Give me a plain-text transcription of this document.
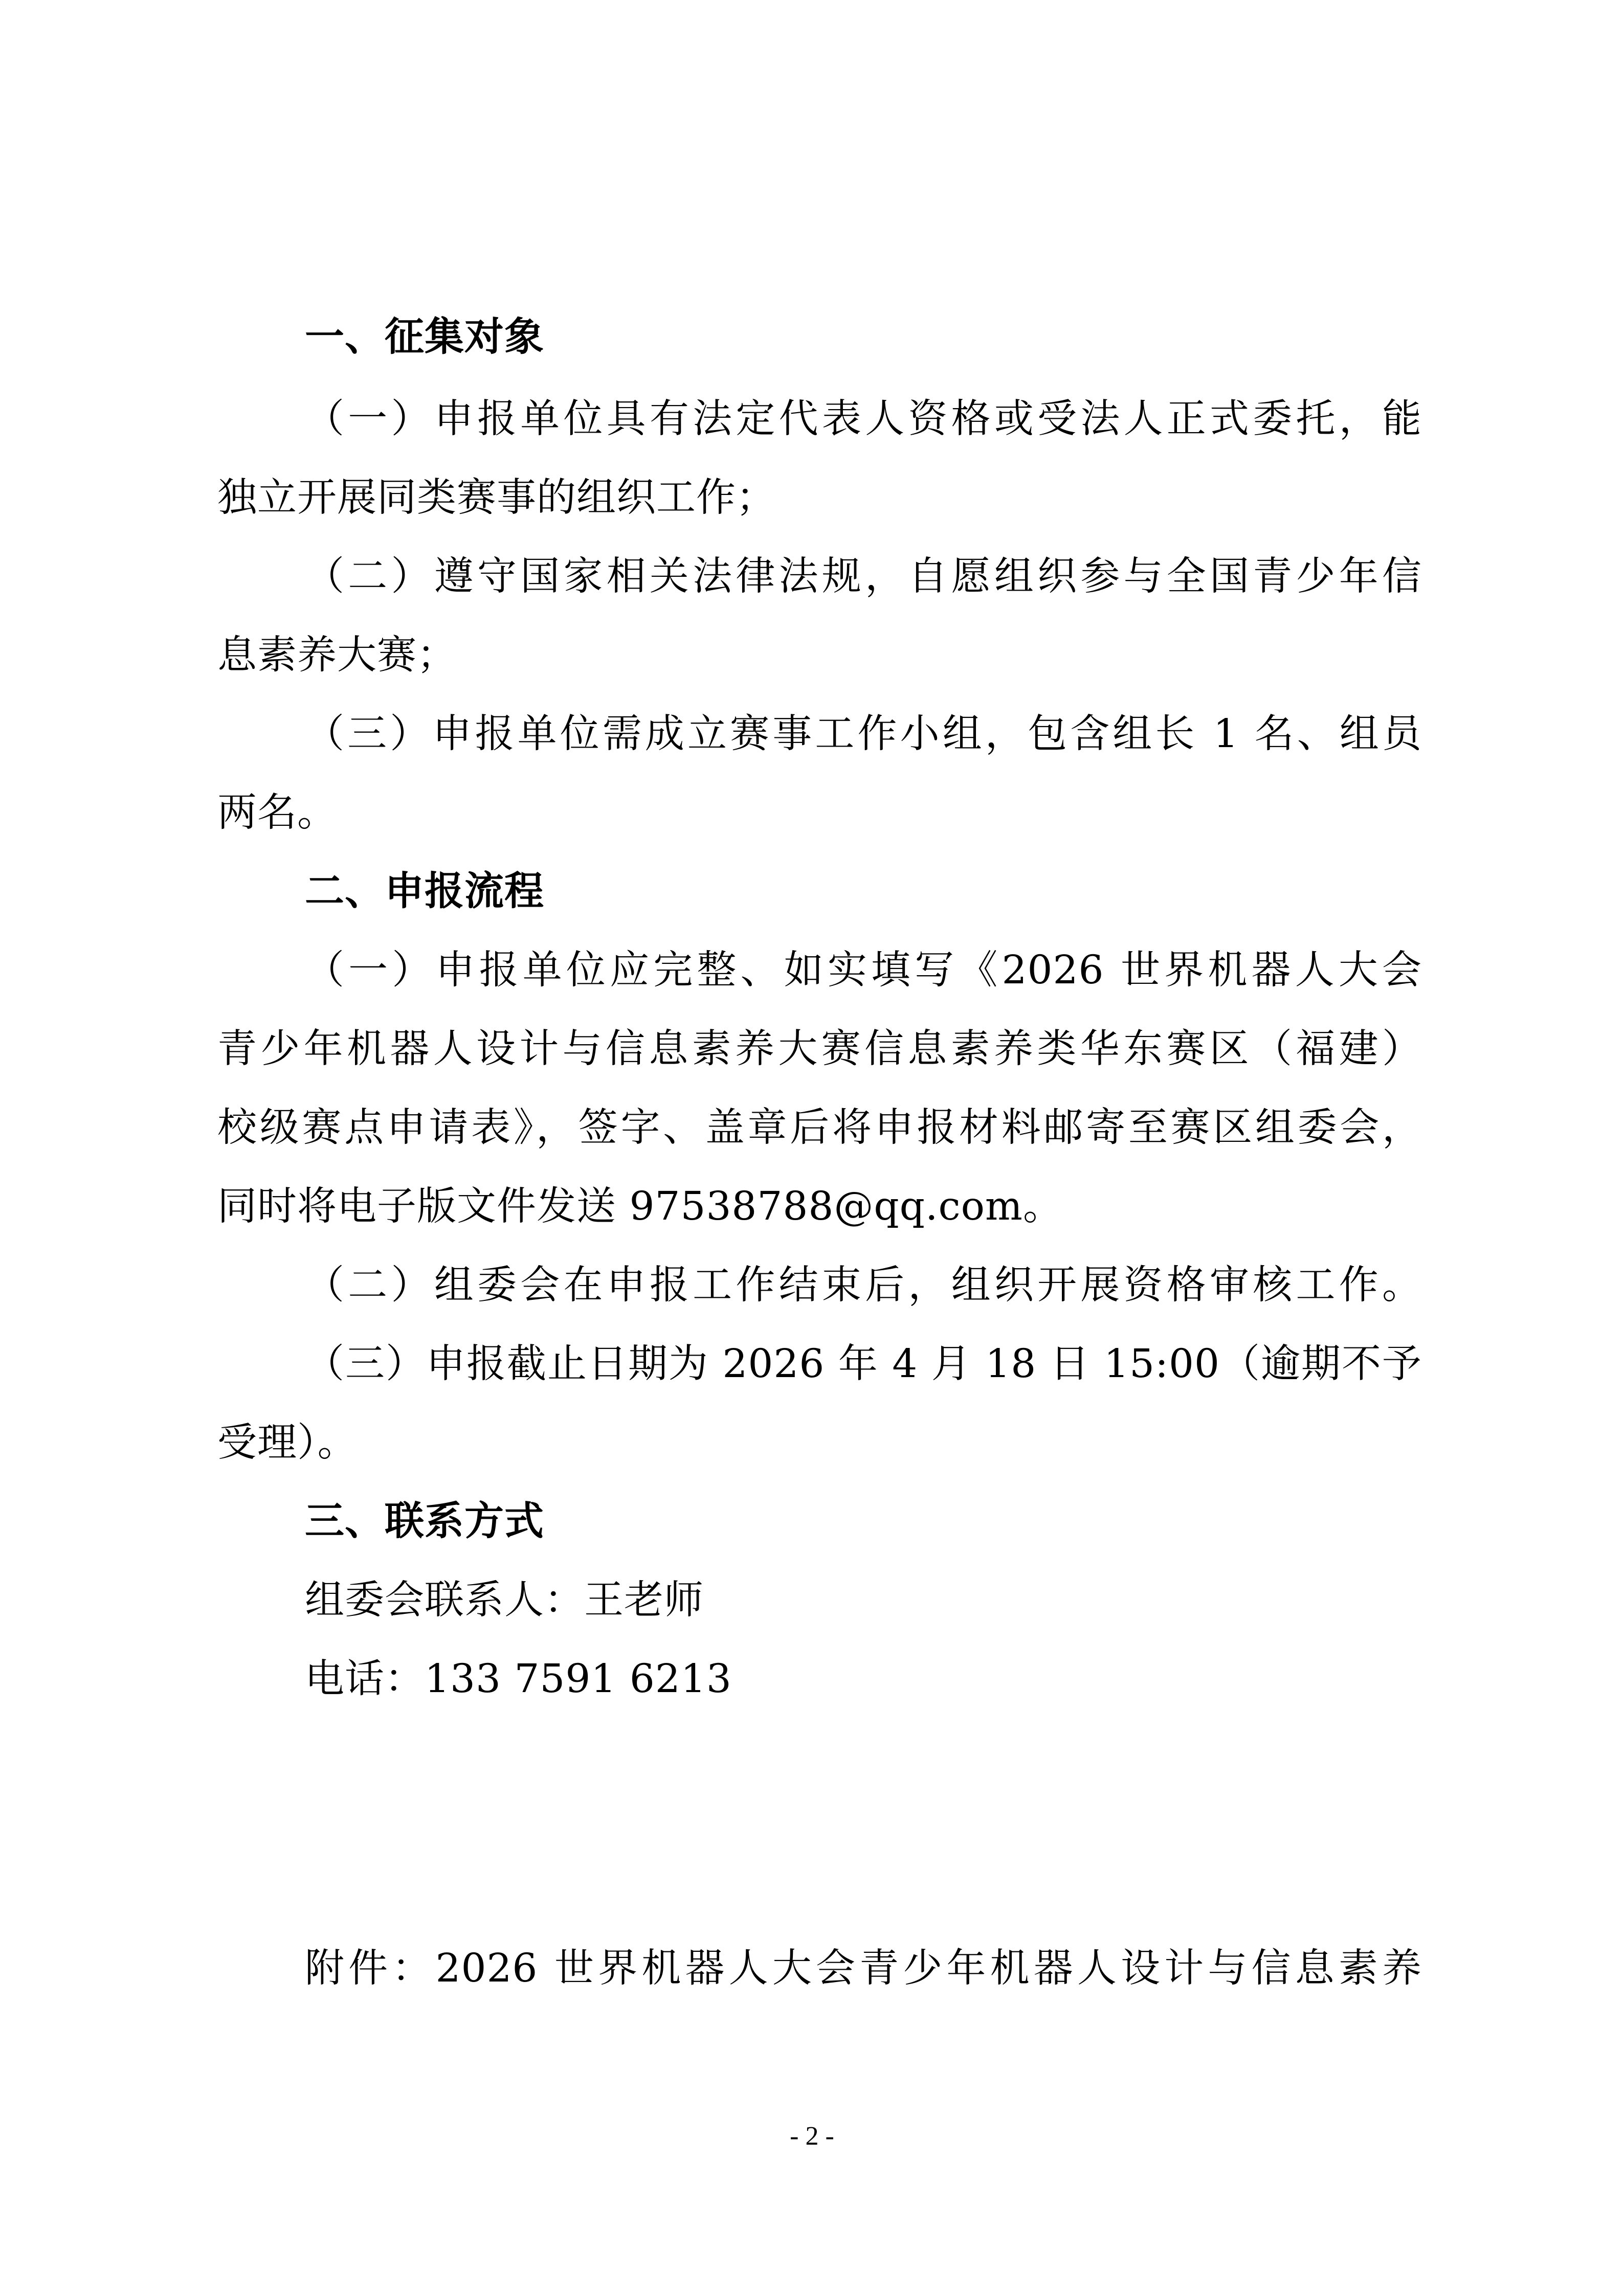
一、征集对象
（一）申报单位具有法定代表人资格或受法人正式委托，能
独立开展同类赛事的组织工作；
（二）遵守国家相关法律法规，自愿组织参与全国青少年信
息素养大赛；
（三）申报单位需成立赛事工作小组，包含组长 1 名、组员
两名。
二、申报流程
（一）申报单位应完整、如实填写《2026 世界机器人大会
青少年机器人设计与信息素养大赛信息素养类华东赛区（福建）
校级赛点申请表》，签字、盖章后将申报材料邮寄至赛区组委会，
同时将电子版文件发送 97538788@qq.com。
（二）组委会在申报工作结束后，组织开展资格审核工作。
（三）申报截止日期为 2026 年 4 月 18 日 15:00（逾期不予
受理）。
三、联系方式
组委会联系人：王老师
电话：133 7591 6213
附件：2026 世界机器人大会青少年机器人设计与信息素养
- 2 -
